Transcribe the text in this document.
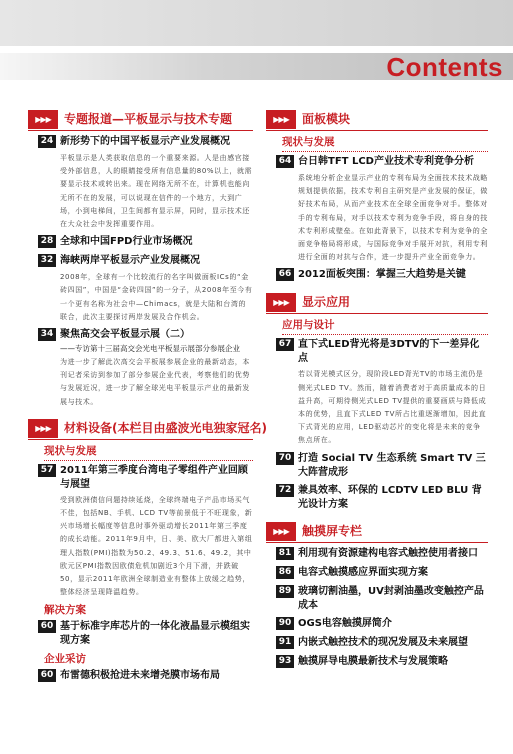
Contents
▶▶▶	专题报道—平板显示与技术专题
24 新形势下的中国平板显示产业发展概况
平板显示是人类获取信息的一个重要来源。人是由感官接受外部信息，人的眼睛接受所有信息量的80%以上，就需要显示技术或转出来。现在网络无所不在，计算机也能向无所不在的发展，可以说现在信件的一个地方，大到广场，小到电梯间，卫生间都有显示屏，同时，显示技术还在大众社会中发挥重要作用。
28 全球和中国FPD行业市场概况
32 海峡两岸平板显示产业发展概况
2008年，全球有一个比较流行的名字叫做面板ICs的“金砖四国”，中国是“金砖四国”的一分子，从2008年至今有一个更有名称为社会中—Chimacs，就是大陆和台湾的联合，此次主要探讨两岸发展及合作机会。
34 聚焦高交会平板显示展（二）
——专访第十三届高交会光电平板显示展部分参展企业
为进一步了解此次高交会平板展参展企业的最新动态，本刊记者采访到参加了部分参展企业代表，考察他们的优势与发展近况，进一步了解全球光电平板显示产业的最新发展与技术。
▶▶▶	材料设备(本栏目由盛波光电独家冠名)
现状与发展
57 2011年第三季度台湾电子零组件产业回顾与展望
受到欧洲债信问题持续延烧，全球终端电子产品市场买气不佳，包括NB、手机、LCD TV等前景低于不旺现象，新兴市场增长幅度等信息时事外驱动增长2011年第三季度的成长动能。2011年9月中，日、美、欧大厂都进入第组理人指数(PMI)指数为50.2、49.3、51.6、49.2，其中欧元区PMI指数因欧债危机加剧近3个月下滑，并跌破50，显示2011年欧洲全球制造业有整体上放缓之趋势，整体经济呈现降温趋势。
解决方案
60 基于标准字库芯片的一体化液晶显示模组实现方案
企业采访
60 布雷德积极抢进未来增尧膜市场布局
▶▶▶	面板模块
现状与发展
64 台日韩TFT LCD产业技术专利竞争分析
系统地分析企业显示产业的专利布局为全面技术技术战略规划提供依据，技术专利自主研究是产业发展的保证，做好技术布局，从而产业技术在全球全面竞争对手。整体对手的专利布局，对手以技术专利为竞争手段，将自身的技术专利形成壁垒。在如此背景下，以技术专利为竞争的全面竞争格局将形成，与国际竞争对手展开对抗，利用专利进行全面的对抗与合作，进一步提升产业全面竞争力。
66 2012面板突围：掌握三大趋势是关键
▶▶▶	显示应用
应用与设计
67 直下式LED背光将是3DTV的下一差异化点
若以背光模式区分，现阶段LED背光TV的市场主流仍是侧光式LED TV。然而，随着消费者对于高质量成本的日益升高，可期待侧光式LED TV提供的重要画质与降低成本的优势，且直下式LED TV所占比重逐渐增加，因此直下式背光的应用，LED驱动芯片的变化将是未来的竞争焦点所在。
70 打造 Social TV 生态系统 Smart TV 三大阵营成形
72 兼具效率、环保的 LCDTV LED BLU 背光设计方案
▶▶▶	触摸屏专栏
81 利用现有资源建构电容式触控使用者接口
86 电容式触摸感应界面实现方案
89 玻璃切割油墨，UV封剥油墨改变触控产品成本
90 OGS电容触摸屏简介
91 内嵌式触控技术的现况发展及未来展望
93 触摸屏导电膜最新技术与发展策略
